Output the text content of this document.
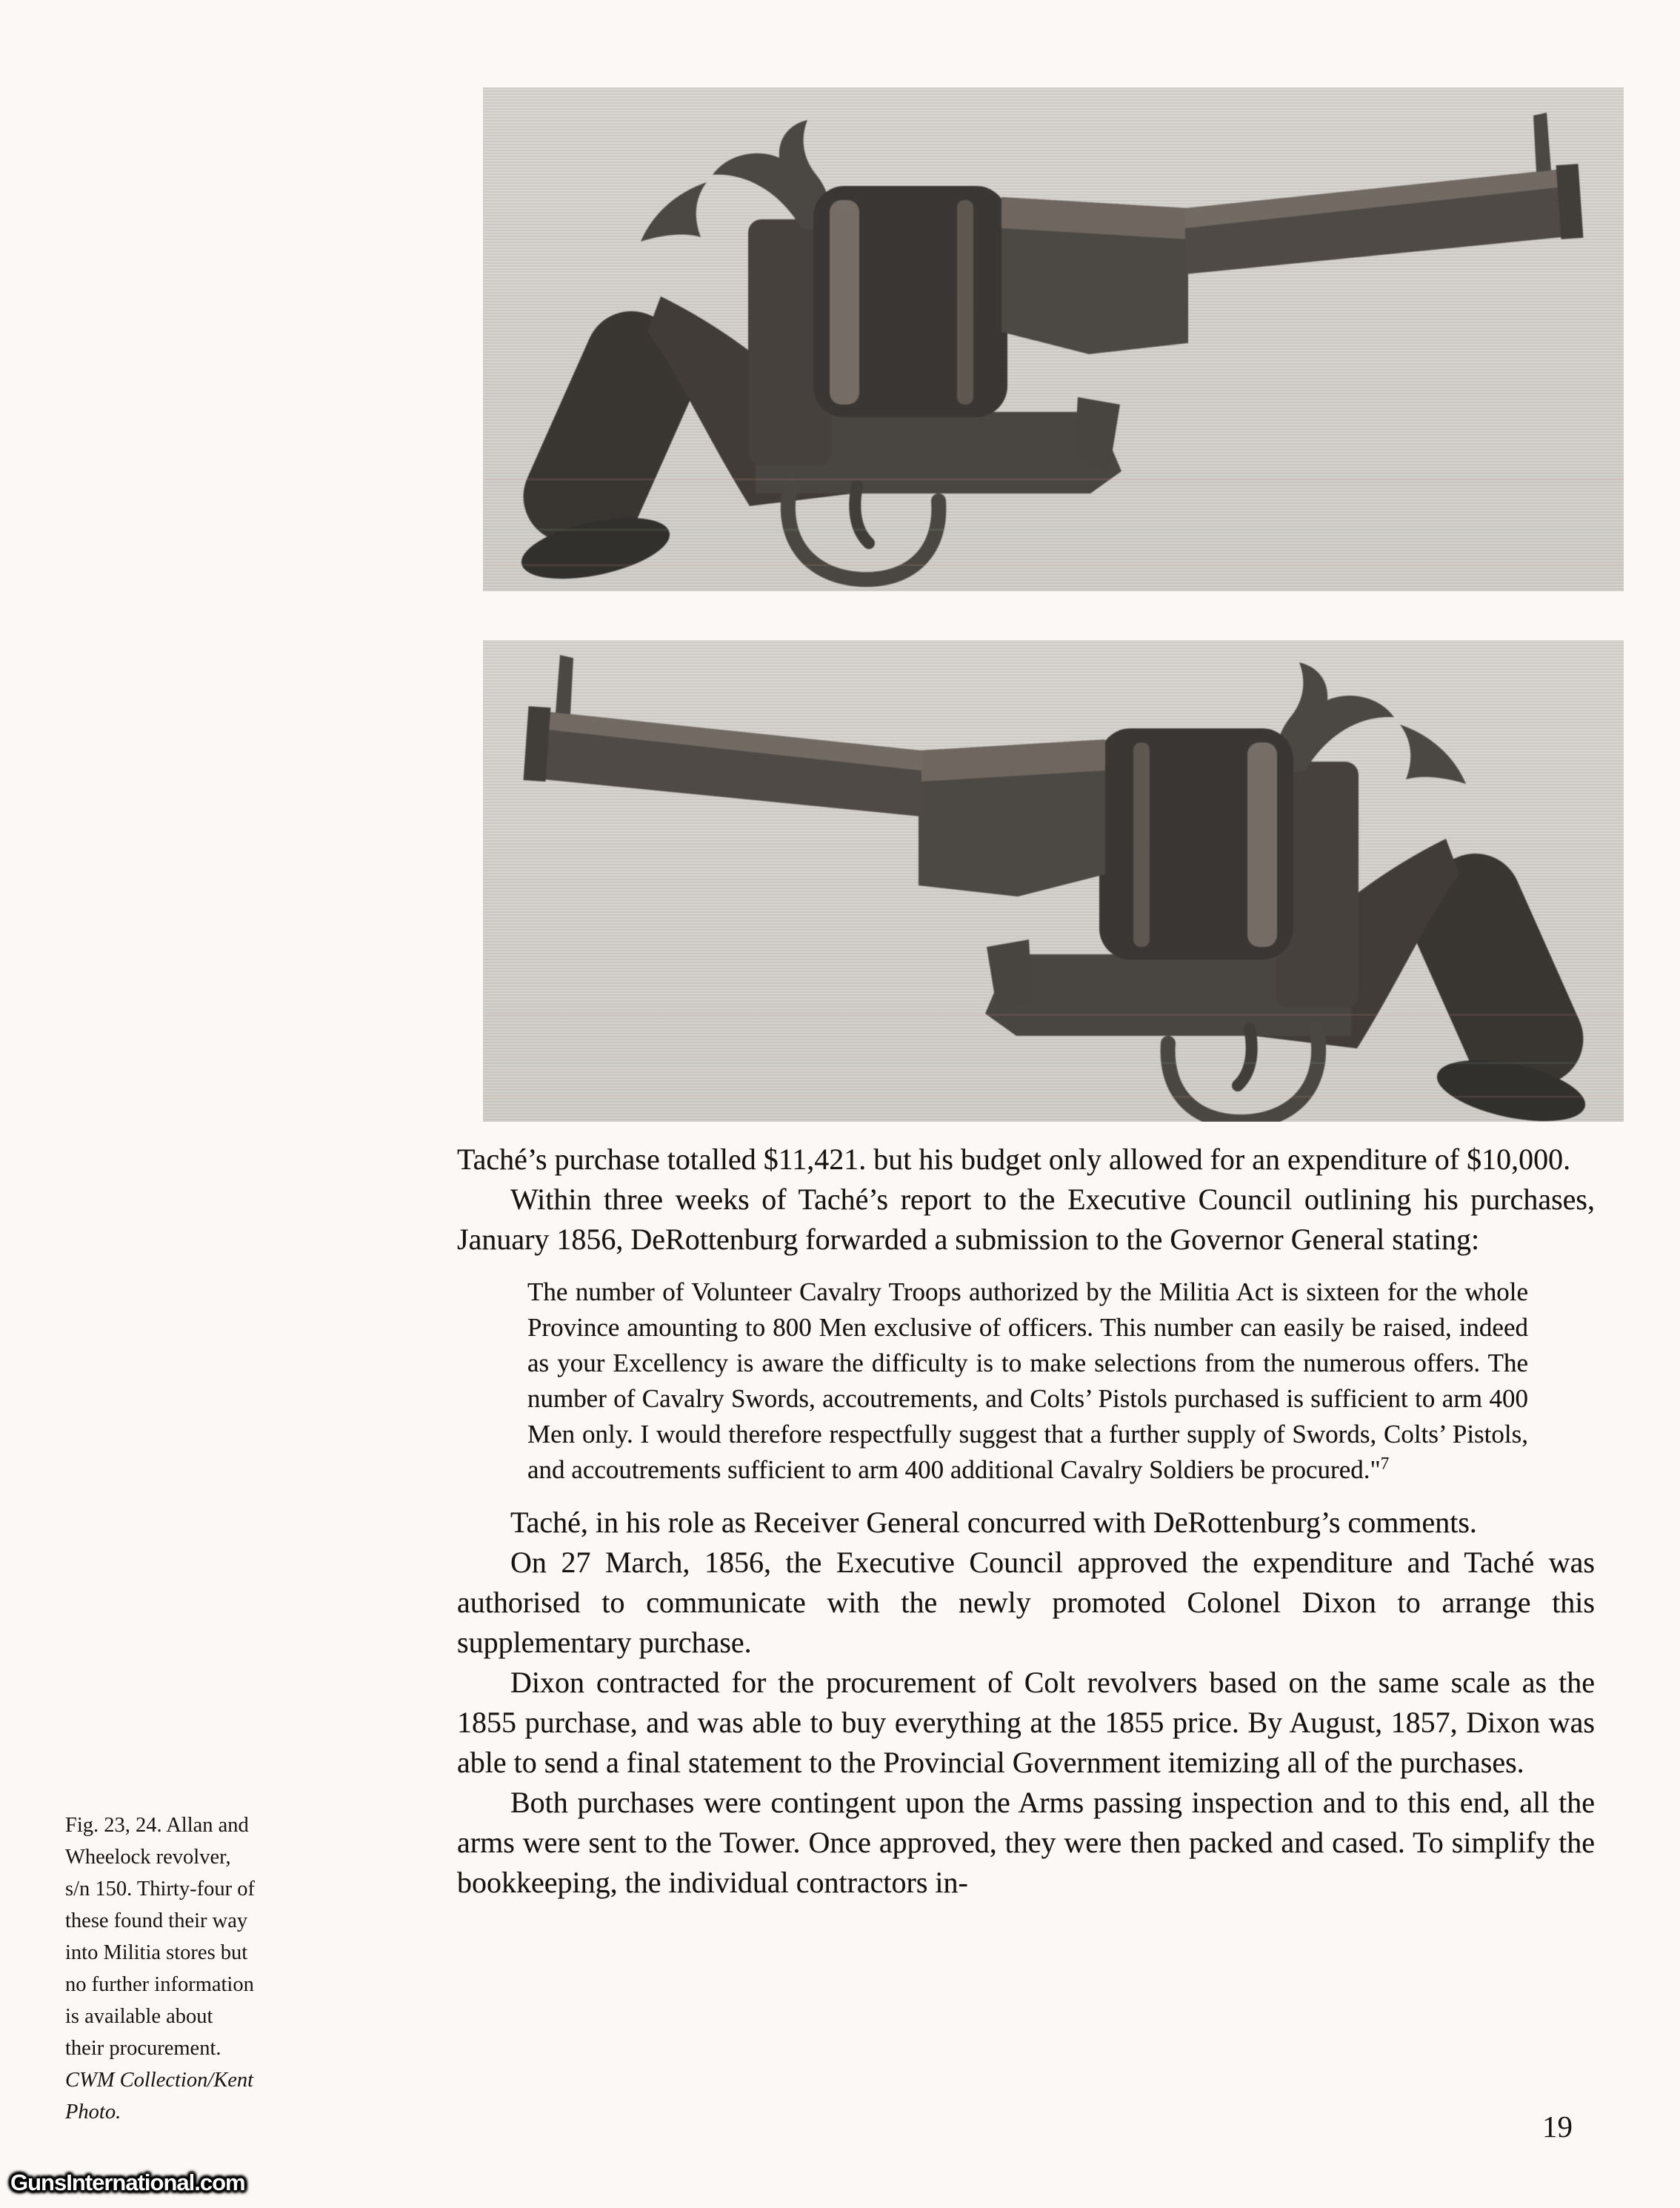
Fig. 23, 24. Allan and Wheelock revolver, s/n 150. Thirty-four of these found their way into Militia stores but no further information is available about their procurement. CWM Collection/Kent Photo.

Taché’s purchase totalled $11,421. but his budget only allowed for an expenditure of $10,000.

Within three weeks of Taché’s report to the Executive Council outlining his purchases, January 1856, DeRottenburg forwarded a submission to the Governor General stating:

The number of Volunteer Cavalry Troops authorized by the Militia Act is sixteen for the whole Province amounting to 800 Men exclusive of officers. This number can easily be raised, indeed as your Excellency is aware the difficulty is to make selections from the numerous offers. The number of Cavalry Swords, accoutrements, and Colts’ Pistols purchased is sufficient to arm 400 Men only. I would therefore respectfully suggest that a further supply of Swords, Colts’ Pistols, and accoutrements sufficient to arm 400 additional Cavalry Soldiers be procured."$^7$

Taché, in his role as Receiver General concurred with DeRottenburg’s comments.

On 27 March, 1856, the Executive Council approved the expenditure and Taché was authorised to communicate with the newly promoted Colonel Dixon to arrange this supplementary purchase.

Dixon contracted for the procurement of Colt revolvers based on the same scale as the 1855 purchase, and was able to buy everything at the 1855 price. By August, 1857, Dixon was able to send a final statement to the Provincial Government itemizing all of the purchases.

Both purchases were contingent upon the Arms passing inspection and to this end, all the arms were sent to the Tower. Once approved, they were then packed and cased. To simplify the bookkeeping, the individual contractors in-

19
GunsInternational.com
